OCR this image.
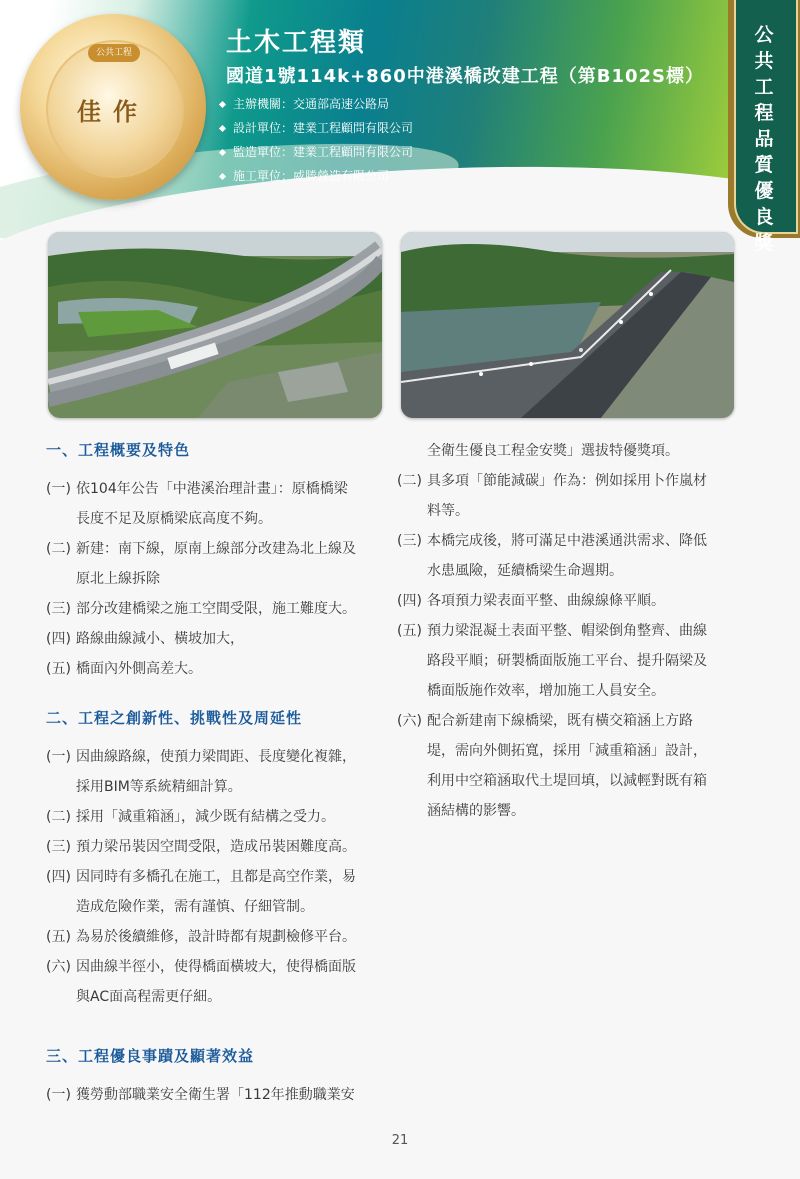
公共工程
佳作
土木工程類
國道1號114k+860中港溪橋改建工程（第B102S標）
主辦機關：交通部高速公路局
設計單位：建業工程顧問有限公司
監造單位：建業工程顧問有限公司
施工單位：威勝營造有限公司
公共工程品質優良獎
一、工程概要及特色
(一) 依104年公告「中港溪治理計畫」：原橋橋梁
長度不足及原橋梁底高度不夠。
(二) 新建：南下線，原南上線部分改建為北上線及
原北上線拆除
(三) 部分改建橋梁之施工空間受限，施工難度大。
(四) 路線曲線減小、橫坡加大，
(五) 橋面內外側高差大。
二、工程之創新性、挑戰性及周延性
(一) 因曲線路線，使預力梁間距、長度變化複雜，
採用BIM等系統精細計算。
(二) 採用「減重箱涵」，減少既有結構之受力。
(三) 預力梁吊裝因空間受限，造成吊裝困難度高。
(四) 因同時有多橋孔在施工，且都是高空作業，易
造成危險作業，需有謹慎、仔細管制。
(五) 為易於後續維修，設計時都有規劃檢修平台。
(六) 因曲線半徑小，使得橋面橫坡大，使得橋面版
與AC面高程需更仔細。
三、工程優良事蹟及顯著效益
(一) 獲勞動部職業安全衛生署「112年推動職業安
全衛生優良工程金安獎」選拔特優獎項。
(二) 具多項「節能減碳」作為：例如採用卜作嵐材
料等。
(三) 本橋完成後，將可滿足中港溪通洪需求、降低
水患風險，延續橋梁生命週期。
(四) 各項預力梁表面平整、曲線線條平順。
(五) 預力梁混凝土表面平整、帽梁倒角整齊、曲線
路段平順；研製橋面版施工平台、提升隔梁及
橋面版施作效率，增加施工人員安全。
(六) 配合新建南下線橋梁，既有橫交箱涵上方路
堤，需向外側拓寬，採用「減重箱涵」設計，
利用中空箱涵取代土堤回填，以減輕對既有箱
涵結構的影響。
21
